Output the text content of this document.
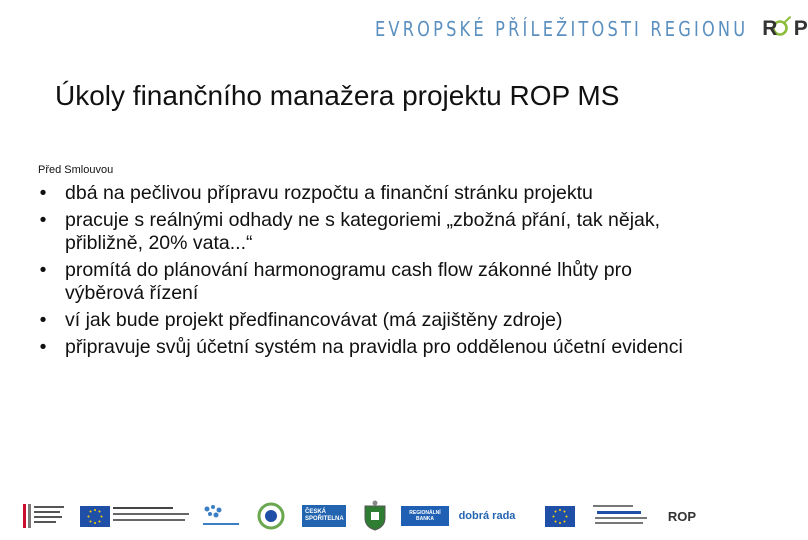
EVROPSKÉ PŘÍLEŽITOSTI REGIONU R P
Úkoly finančního manažera projektu ROP MS
Před Smlouvou
• dbá na pečlivou přípravu rozpočtu a finanční stránku projektu
• pracuje s reálnými odhady ne s kategoriemi „zbožná přání, tak nějak, přibližně, 20% vata...“
• promítá do plánování harmonogramu cash flow zákonné lhůty pro výběrová řízení
• ví jak bude projekt předfinancovávat (má zajištěny zdroje)
• připravuje svůj účetní systém na pravidla pro oddělenou účetní evidenci
ČESKÁ SPOŘITELNA
REGIONÁLNÍ BANKA	dobrá rada	ROP
